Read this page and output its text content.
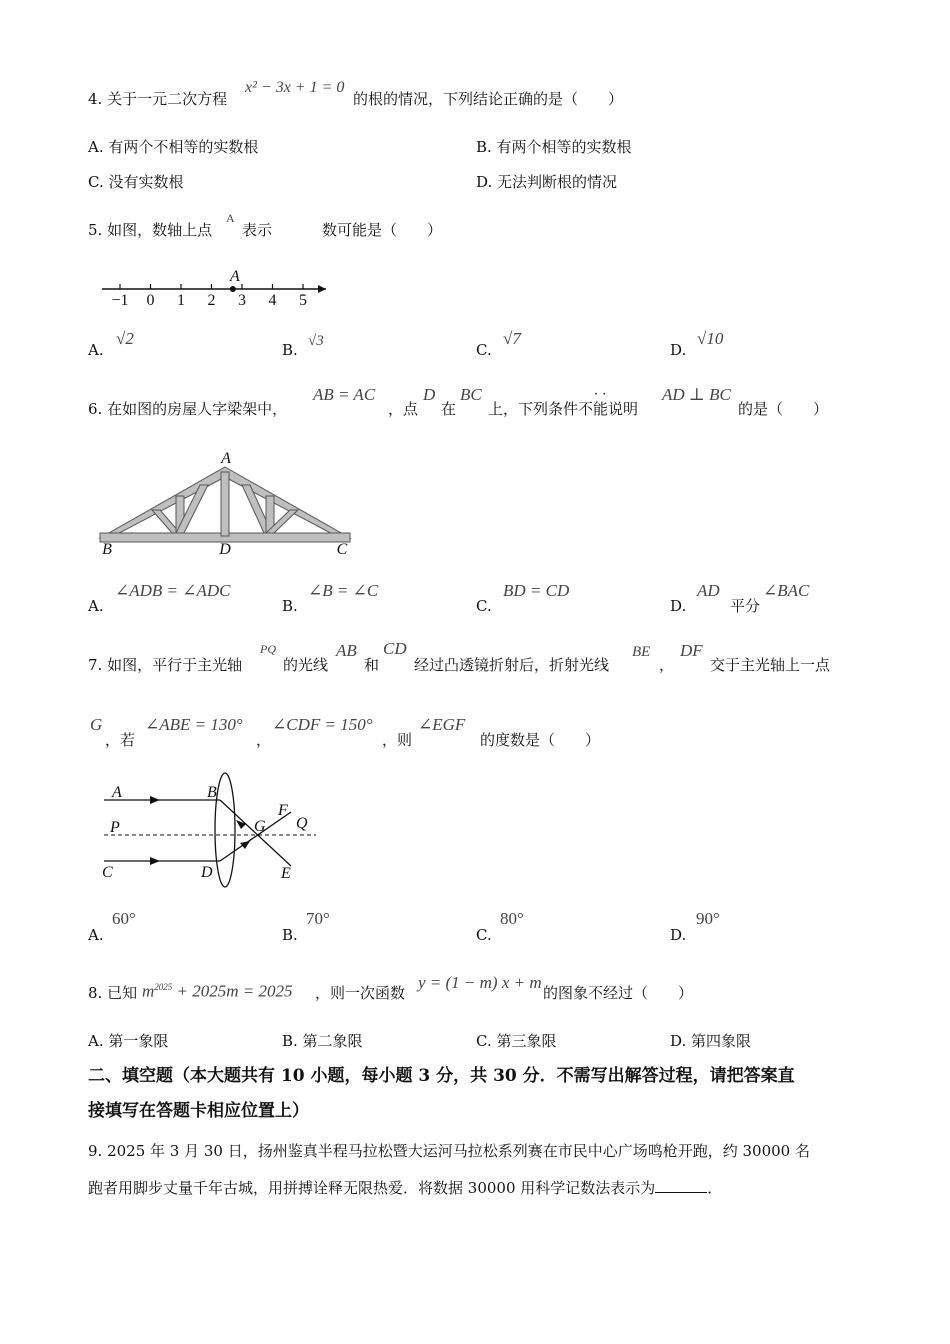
4. 关于一元二次方程
x² − 3x + 1 = 0
的根的情况，下列结论正确的是（　　）
A. 有两个不相等的实数根	B. 有两个相等的实数根
C. 没有实数根	D. 无法判断根的情况
5. 如图，数轴上点
A
表示	数可能是（　　）
−1 0 1 2 3 4 5
A
A.
√2
B. √3	C.
√7
D.
√10
6. 在如图的房屋人字梁架中，
AB = AC
，点
D
在
BC
上，下列条件不能说明
· ·	AD ⊥ BC
的是（　　）
A
B	D	C
A.
∠ADB = ∠ADC
B.
∠B = ∠C
C.
BD = CD
D.
AD
平分
∠BAC
7. 如图，平行于主光轴
PQ
的光线
AB
和
CD
经过凸透镜折射后，折射光线
BE
，
DF
交于主光轴上一点
G
，若
∠ABE = 130°
，
∠CDF = 150°
，则
∠EGF
的度数是（　　）
A	B
P	G
F
Q
C	D	E
A.
60°
B.
70°
C.
80°
D.
90°
8. 已知 $m^{2025} + 2025m = 2025$ ，则一次函数
y = (1 − m) x + m
的图象不经过（　　）
A. 第一象限	B. 第二象限	C. 第三象限	D. 第四象限
二、填空题（本大题共有 10 小题，每小题 3 分，共 30 分．不需写出解答过程，请把答案直
接填写在答题卡相应位置上）
9. 2025 年 3 月 30 日，扬州鉴真半程马拉松暨大运河马拉松系列赛在市民中心广场鸣枪开跑，约 30000 名
跑者用脚步丈量千年古城，用拼搏诠释无限热爱．将数据 30000 用科学记数法表示为	．
